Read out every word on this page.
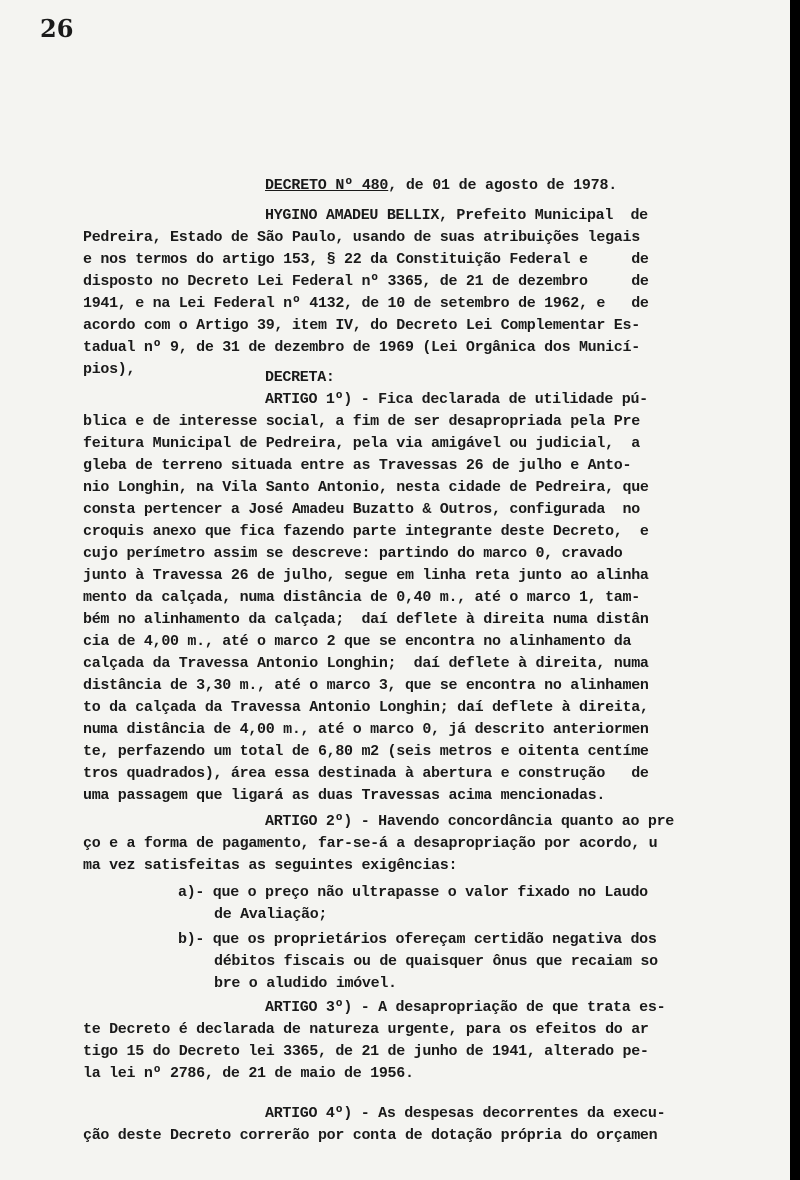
26
DECRETO Nº 480, de 01 de agosto de 1978.
HYGINO AMADEU BELLIX, Prefeito Municipal  de
Pedreira, Estado de São Paulo, usando de suas atribuições legais
e nos termos do artigo 153, § 22 da Constituição Federal e     de
disposto no Decreto Lei Federal nº 3365, de 21 de dezembro     de
1941, e na Lei Federal nº 4132, de 10 de setembro de 1962, e   de
acordo com o Artigo 39, item IV, do Decreto Lei Complementar Es-
tadual nº 9, de 31 de dezembro de 1969 (Lei Orgânica dos Municí-
pios),	DECRETA:
ARTIGO 1º) - Fica declarada de utilidade pú-
blica e de interesse social, a fim de ser desapropriada pela Pre
feitura Municipal de Pedreira, pela via amigável ou judicial,  a
gleba de terreno situada entre as Travessas 26 de julho e Anto-
nio Longhin, na Vila Santo Antonio, nesta cidade de Pedreira, que
consta pertencer a José Amadeu Buzatto & Outros, configurada  no
croquis anexo que fica fazendo parte integrante deste Decreto,  e
cujo perímetro assim se descreve: partindo do marco 0, cravado
junto à Travessa 26 de julho, segue em linha reta junto ao alinha
mento da calçada, numa distância de 0,40 m., até o marco 1, tam-
bém no alinhamento da calçada;  daí deflete à direita numa distân
cia de 4,00 m., até o marco 2 que se encontra no alinhamento da
calçada da Travessa Antonio Longhin;  daí deflete à direita, numa
distância de 3,30 m., até o marco 3, que se encontra no alinhamen
to da calçada da Travessa Antonio Longhin; daí deflete à direita,
numa distância de 4,00 m., até o marco 0, já descrito anteriormen
te, perfazendo um total de 6,80 m2 (seis metros e oitenta centíme
tros quadrados), área essa destinada à abertura e construção   de
uma passagem que ligará as duas Travessas acima mencionadas.
ARTIGO 2º) - Havendo concordância quanto ao pre
ço e a forma de pagamento, far-se-á a desapropriação por acordo, u
ma vez satisfeitas as seguintes exigências:
a)- que o preço não ultrapasse o valor fixado no Laudo
de Avaliação;
b)- que os proprietários ofereçam certidão negativa dos
débitos fiscais ou de quaisquer ônus que recaiam so
bre o aludido imóvel.
ARTIGO 3º) - A desapropriação de que trata es-
te Decreto é declarada de natureza urgente, para os efeitos do ar
tigo 15 do Decreto lei 3365, de 21 de junho de 1941, alterado pe-
la lei nº 2786, de 21 de maio de 1956.
ARTIGO 4º) - As despesas decorrentes da execu-
ção deste Decreto correrão por conta de dotação própria do orçamen
